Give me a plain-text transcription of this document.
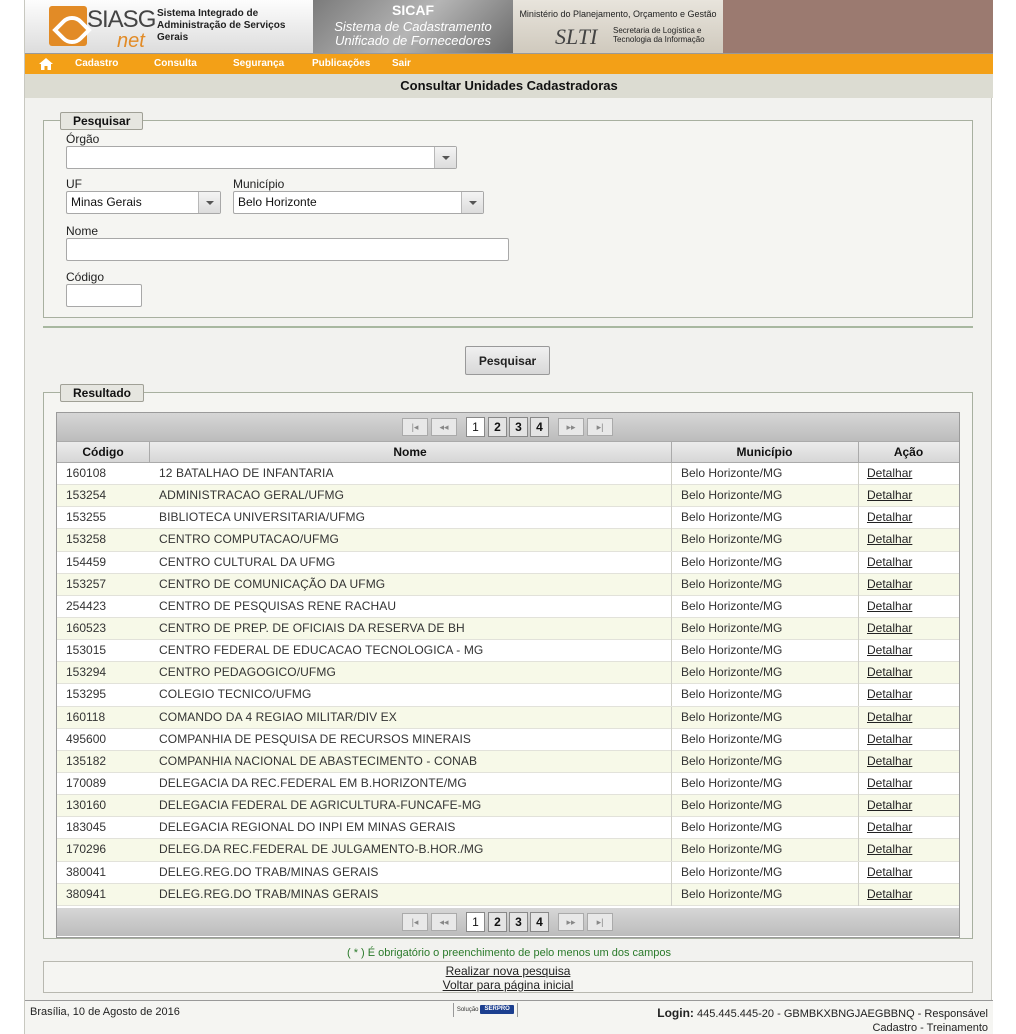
SIASG
net
Sistema Integrado de Administração de Serviços Gerais
SICAF
Sistema de Cadastramento Unificado de Fornecedores
Ministério do Planejamento, Orçamento e Gestão
SLTI Secretaria de Logística e Tecnologia da Informação
Cadastro	Consulta	Segurança	Publicações Sair
Consultar Unidades Cadastradoras
Pesquisar
Órgão
UF
Minas Gerais
Município
Belo Horizonte
Nome
Código
Pesquisar
Resultado
|◂	◂◂	1	2	3	4	▸▸	▸|
Código	Nome	Município	Ação
160108	12 BATALHAO DE INFANTARIA	Belo Horizonte/MG	Detalhar
153254	ADMINISTRACAO GERAL/UFMG	Belo Horizonte/MG	Detalhar
153255	BIBLIOTECA UNIVERSITARIA/UFMG	Belo Horizonte/MG	Detalhar
153258	CENTRO COMPUTACAO/UFMG	Belo Horizonte/MG	Detalhar
154459	CENTRO CULTURAL DA UFMG	Belo Horizonte/MG	Detalhar
153257	CENTRO DE COMUNICAÇÃO DA UFMG	Belo Horizonte/MG	Detalhar
254423	CENTRO DE PESQUISAS RENE RACHAU	Belo Horizonte/MG	Detalhar
160523	CENTRO DE PREP. DE OFICIAIS DA RESERVA DE BH	Belo Horizonte/MG	Detalhar
153015	CENTRO FEDERAL DE EDUCACAO TECNOLOGICA - MG	Belo Horizonte/MG	Detalhar
153294	CENTRO PEDAGOGICO/UFMG	Belo Horizonte/MG	Detalhar
153295	COLEGIO TECNICO/UFMG	Belo Horizonte/MG	Detalhar
160118	COMANDO DA 4 REGIAO MILITAR/DIV EX	Belo Horizonte/MG	Detalhar
495600	COMPANHIA DE PESQUISA DE RECURSOS MINERAIS	Belo Horizonte/MG	Detalhar
135182	COMPANHIA NACIONAL DE ABASTECIMENTO - CONAB	Belo Horizonte/MG	Detalhar
170089	DELEGACIA DA REC.FEDERAL EM B.HORIZONTE/MG	Belo Horizonte/MG	Detalhar
130160	DELEGACIA FEDERAL DE AGRICULTURA-FUNCAFE-MG	Belo Horizonte/MG	Detalhar
183045	DELEGACIA REGIONAL DO INPI EM MINAS GERAIS	Belo Horizonte/MG	Detalhar
170296	DELEG.DA REC.FEDERAL DE JULGAMENTO-B.HOR./MG	Belo Horizonte/MG	Detalhar
380041	DELEG.REG.DO TRAB/MINAS GERAIS	Belo Horizonte/MG	Detalhar
380941	DELEG.REG.DO TRAB/MINAS GERAIS	Belo Horizonte/MG	Detalhar
|◂	◂◂	1	2	3	4	▸▸	▸|
( * ) É obrigatório o preenchimento de pelo menos um dos campos
Realizar nova pesquisa
Voltar para página inicial
Brasília, 10 de Agosto de 2016	Solução SERPRO	Login: 445.445.445-20 - GBMBKXBNGJAEGBBNQ - Responsável
Cadastro - Treinamento
